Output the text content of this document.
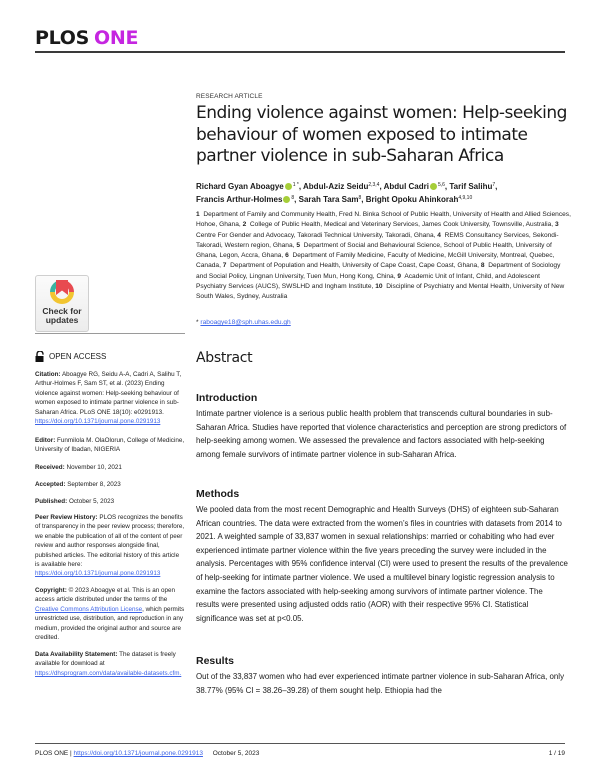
PLOS ONE
Check for
updates
OPEN ACCESS
Citation: Aboagye RG, Seidu A-A, Cadri A, Salihu T, Arthur-Holmes F, Sam ST, et al. (2023) Ending violence against women: Help-seeking behaviour of women exposed to intimate partner violence in sub-Saharan Africa. PLoS ONE 18(10): e0291913. https://doi.org/10.1371/journal.pone.0291913
Editor: Funmilola M. OlaOlorun, College of Medicine, University of Ibadan, NIGERIA
Received: November 10, 2021
Accepted: September 8, 2023
Published: October 5, 2023
Peer Review History: PLOS recognizes the benefits of transparency in the peer review process; therefore, we enable the publication of all of the content of peer review and author responses alongside final, published articles. The editorial history of this article is available here: https://doi.org/10.1371/journal.pone.0291913
Copyright: © 2023 Aboagye et al. This is an open access article distributed under the terms of the Creative Commons Attribution License, which permits unrestricted use, distribution, and reproduction in any medium, provided the original author and source are credited.
Data Availability Statement: The dataset is freely available for download at https://dhsprogram.com/data/available-datasets.cfm.
RESEARCH ARTICLE
Ending violence against women: Help-seeking behaviour of women exposed to intimate partner violence in sub-Saharan Africa
Richard Gyan Aboagye $^{1 *}$, Abdul-Aziz Seidu$^{2,3,4}$, Abdul Cadri $^{5,6}$, Tarif Salihu$^7$,
Francis Arthur-Holmes $^8$, Sarah Tara Sam$^8$, Bright Opoku Ahinkorah$^{4,9,10}$
1 Department of Family and Community Health, Fred N. Binka School of Public Health, University of Health and Allied Sciences, Hohoe, Ghana, 2 College of Public Health, Medical and Veterinary Services, James Cook University, Townsville, Australia, 3  Centre For Gender and Advocacy, Takoradi Technical University, Takoradi, Ghana, 4 REMS Consultancy Services, Sekondi-Takoradi, Western region, Ghana, 5 Department of Social and Behavioural Science, School of Public Health, University of Ghana, Legon, Accra, Ghana, 6 Department of Family Medicine, Faculty of Medicine, McGill University, Montreal, Quebec, Canada, 7 Department of Population and Health, University of Cape Coast, Cape Coast, Ghana, 8 Department of Sociology and Social Policy, Lingnan University, Tuen Mun, Hong Kong, China, 9 Academic Unit of Infant, Child, and Adolescent Psychiatry Services (AUCS), SWSLHD and Ingham Institute, 10 Discipline of Psychiatry and Mental Health, University of New South Wales, Sydney, Australia
* raboagye18@sph.uhas.edu.gh
Abstract
Introduction

Intimate partner violence is a serious public health problem that transcends cultural boundaries in sub-Saharan Africa. Studies have reported that violence characteristics and perception are strong predictors of help-seeking among women. We assessed the prevalence and factors associated with help-seeking among female survivors of intimate partner violence in sub-Saharan Africa.

Methods

We pooled data from the most recent Demographic and Health Surveys (DHS) of eighteen sub-Saharan African countries. The data were extracted from the women’s files in countries with datasets from 2014 to 2021. A weighted sample of 33,837 women in sexual relationships: married or cohabiting who had ever experienced intimate partner violence within the five years preceding the survey were included in the analysis. Percentages with 95% confidence interval (CI) were used to present the results of the prevalence of help-seeking for intimate partner violence. We used a multilevel binary logistic regression analysis to examine the factors associated with help-seeking among survivors of intimate partner violence. The results were presented using adjusted odds ratio (AOR) with their respective 95% CI. Statistical significance was set at p<0.05.

Results

Out of the 33,837 women who had ever experienced intimate partner violence in sub-Saharan Africa, only 38.77% (95% CI = 38.26–39.28) of them sought help. Ethiopia had the

PLOS ONE | https://doi.org/10.1371/journal.pone.0291913 October 5, 2023	1 / 19
